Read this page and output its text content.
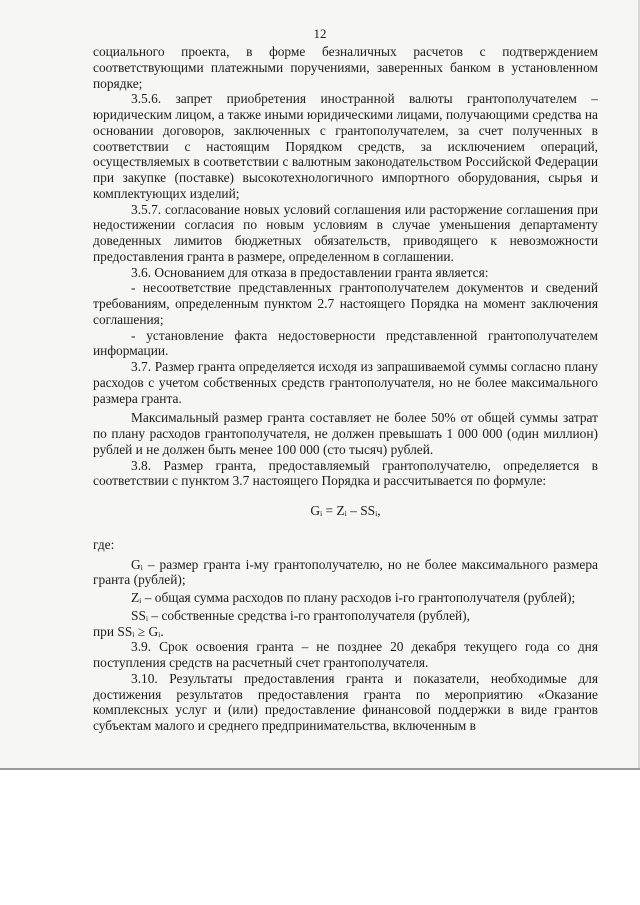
12

социального проекта, в форме безналичных расчетов с подтверждением соответствующими платежными поручениями, заверенных банком в установленном порядке;

3.5.6. запрет приобретения иностранной валюты грантополучателем – юридическим лицом, а также иными юридическими лицами, получающими средства на основании договоров, заключенных с грантополучателем, за счет полученных в соответствии с настоящим Порядком средств, за исключением операций, осуществляемых в соответствии с валютным законодательством Российской Федерации при закупке (поставке) высокотехнологичного импортного оборудования, сырья и комплектующих изделий;

3.5.7. согласование новых условий соглашения или расторжение соглашения при недостижении согласия по новым условиям в случае уменьшения департаменту доведенных лимитов бюджетных обязательств, приводящего к невозможности предоставления гранта в размере, определенном в соглашении.

3.6. Основанием для отказа в предоставлении гранта является:

- несоответствие представленных грантополучателем документов и сведений требованиям, определенным пунктом 2.7 настоящего Порядка на момент заключения соглашения;

- установление факта недостоверности представленной грантополучателем информации.

3.7. Размер гранта определяется исходя из запрашиваемой суммы согласно плану расходов с учетом собственных средств грантополучателя, но не более максимального размера гранта.

Максимальный размер гранта составляет не более 50% от общей суммы затрат по плану расходов грантополучателя, не должен превышать 1 000 000 (один миллион) рублей и не должен быть менее 100 000 (сто тысяч) рублей.

3.8. Размер гранта, предоставляемый грантополучателю, определяется в соответствии с пунктом 3.7 настоящего Порядка и рассчитывается по формуле:

Gᵢ = Zᵢ – SSᵢ,

где:

Gᵢ – размер гранта i-му грантополучателю, но не более максимального размера гранта (рублей);

Zᵢ – общая сумма расходов по плану расходов i-го грантополучателя (рублей);

SSᵢ – собственные средства i-го грантополучателя (рублей),

при SSᵢ ≥ Gᵢ.

3.9. Срок освоения гранта – не позднее 20 декабря текущего года со дня поступления средств на расчетный счет грантополучателя.

3.10. Результаты предоставления гранта и показатели, необходимые для достижения результатов предоставления гранта по мероприятию «Оказание комплексных услуг и (или) предоставление финансовой поддержки в виде грантов субъектам малого и среднего предпринимательства, включенным в
